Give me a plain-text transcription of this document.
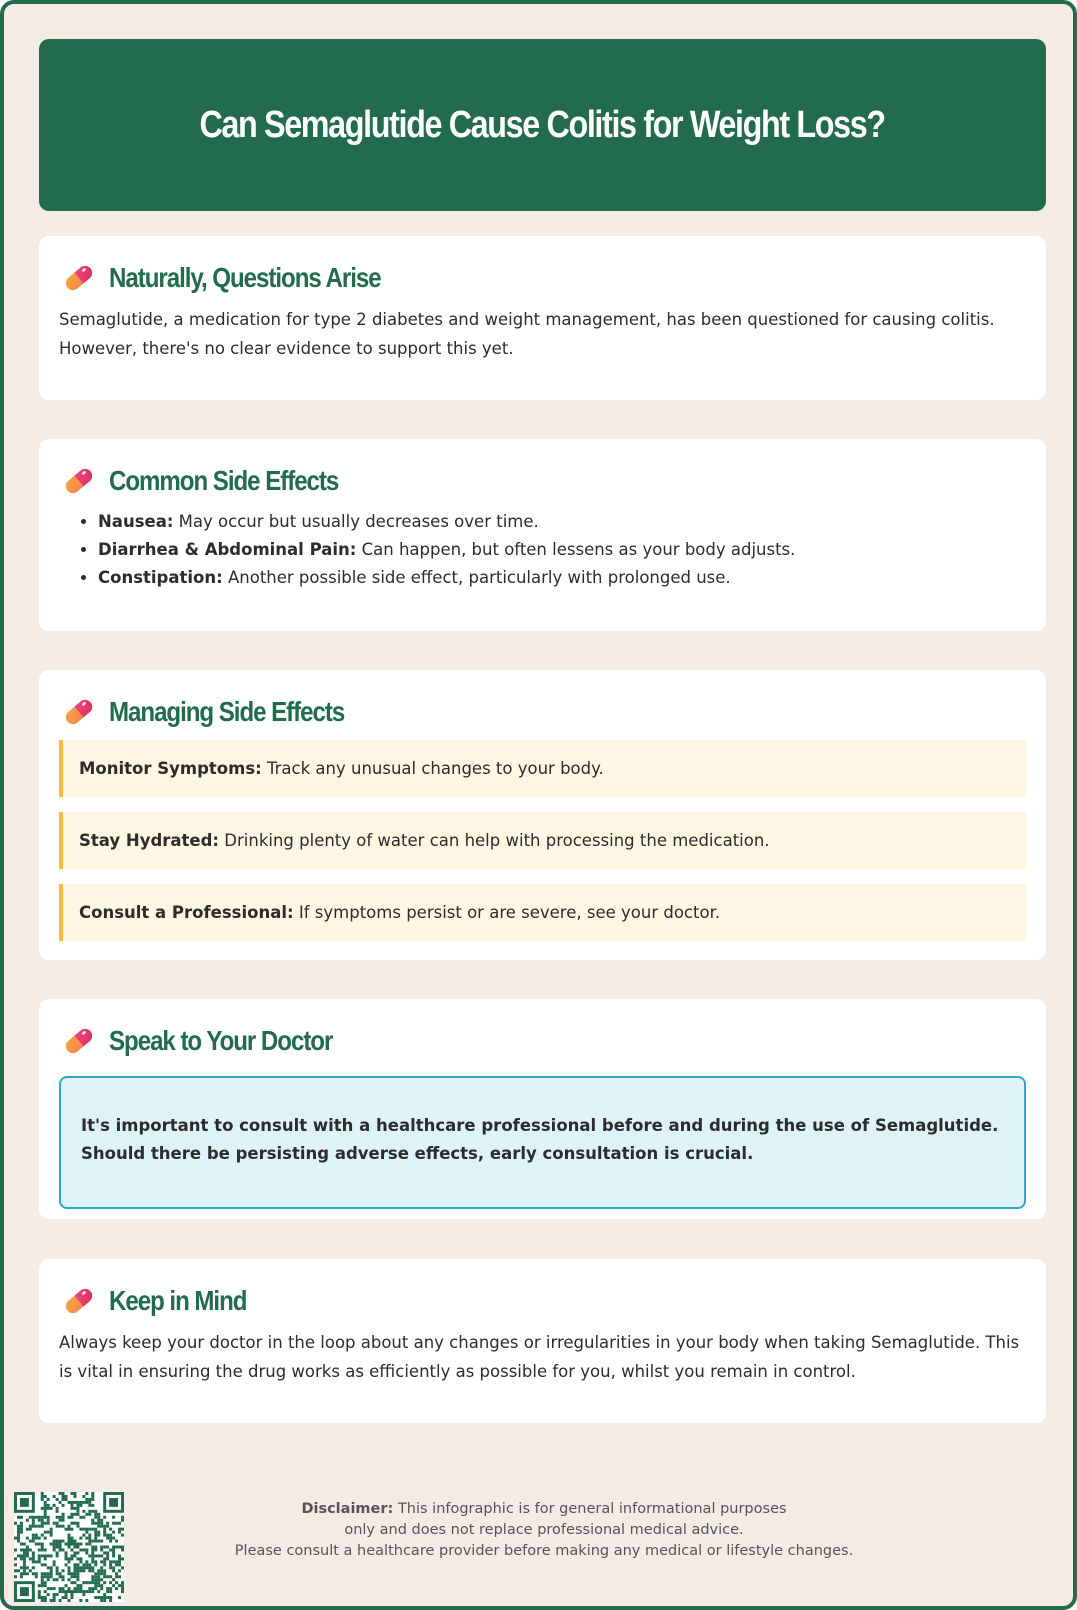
Can Semaglutide Cause Colitis for Weight Loss?
Naturally, Questions Arise

Semaglutide, a medication for type 2 diabetes and weight management, has been questioned for causing colitis. However, there's no clear evidence to support this yet.

Common Side Effects
• Nausea: May occur but usually decreases over time.
• Diarrhea & Abdominal Pain: Can happen, but often lessens as your body adjusts.
• Constipation: Another possible side effect, particularly with prolonged use.
Managing Side Effects
Monitor Symptoms: Track any unusual changes to your body.
Stay Hydrated: Drinking plenty of water can help with processing the medication.
Consult a Professional: If symptoms persist or are severe, see your doctor.
Speak to Your Doctor
It's important to consult with a healthcare professional before and during the use of Semaglutide. Should there be persisting adverse effects, early consultation is crucial.
Keep in Mind

Always keep your doctor in the loop about any changes or irregularities in your body when taking Semaglutide. This is vital in ensuring the drug works as efficiently as possible for you, whilst you remain in control.

Disclaimer: This infographic is for general informational purposes
only and does not replace professional medical advice.
Please consult a healthcare provider before making any medical or lifestyle changes.
